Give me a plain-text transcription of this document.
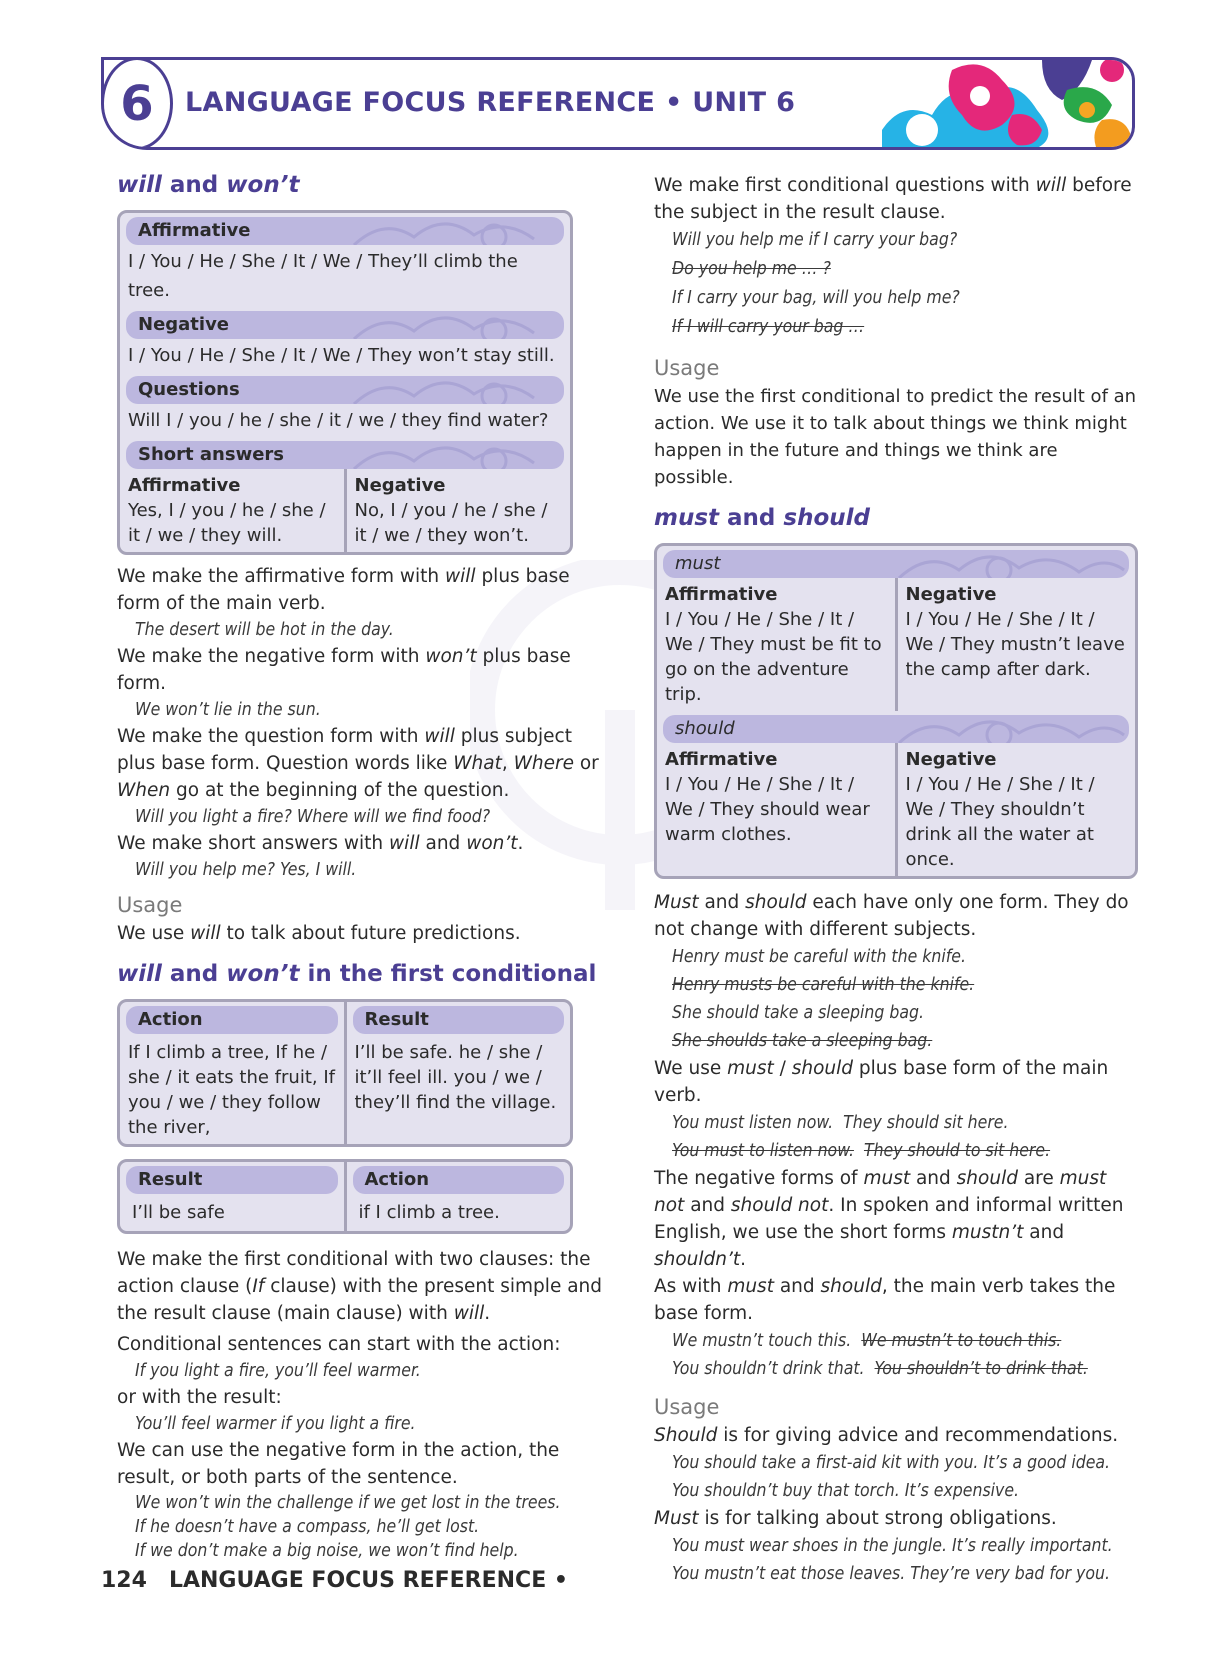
6	LANGUAGE FOCUS REFERENCE • UNIT 6
will and won’t
Affirmative
I / You / He / She / It / We / They’ll climb the tree.
Negative
I / You / He / She / It / We / They won’t stay still.
Questions
Will I / you / he / she / it / we / they find water?
Short answers
Affirmative
Yes, I / you / he / she / it / we / they will.
Negative
No, I / you / he / she / it / we / they won’t.
We make the affirmative form with will plus base form of the main verb.
The desert will be hot in the day.
We make the negative form with won’t plus base form.
We won’t lie in the sun.
We make the question form with will plus subject plus base form. Question words like What, Where or When go at the beginning of the question.
Will you light a fire? Where will we find food?
We make short answers with will and won’t.
Will you help me? Yes, I will.
Usage
We use will to talk about future predictions.
will and won’t in the first conditional
Action
If I climb a tree, If he / she / it eats the fruit, If you / we / they follow the river,
Result
I’ll be safe. he / she / it’ll feel ill. you / we / they’ll find the village.
Result
I’ll be safe
Action
if I climb a tree.
We make the first conditional with two clauses: the action clause (If clause) with the present simple and the result clause (main clause) with will.
Conditional sentences can start with the action:
If you light a fire, you’ll feel warmer.
or with the result:
You’ll feel warmer if you light a fire.
We can use the negative form in the action, the result, or both parts of the sentence.
We won’t win the challenge if we get lost in the trees.
If he doesn’t have a compass, he’ll get lost.
If we don’t make a big noise, we won’t find help.
We make first conditional questions with will before the subject in the result clause.
Will you help me if I carry your bag?
Do you help me … ?
If I carry your bag, will you help me?
If I will carry your bag …
Usage
We use the first conditional to predict the result of an action. We use it to talk about things we think might happen in the future and things we think are possible.
must and should
must
Affirmative
I / You / He / She / It / We / They must be fit to go on the adventure trip.
Negative
I / You / He / She / It / We / They mustn’t leave the camp after dark.
should
Affirmative
I / You / He / She / It / We / They should wear warm clothes.
Negative
I / You / He / She / It / We / They shouldn’t drink all the water at once.
Must and should each have only one form. They do not change with different subjects.
Henry must be careful with the knife.
Henry musts be careful with the knife.
She should take a sleeping bag.
She shoulds take a sleeping bag.
We use must / should plus base form of the main verb.
You must listen now. They should sit here.
You must to listen now. They should to sit here.
The negative forms of must and should are must not and should not. In spoken and informal written English, we use the short forms mustn’t and shouldn’t.
As with must and should, the main verb takes the base form.
We mustn’t touch this. We mustn’t to touch this.
You shouldn’t drink that. You shouldn’t to drink that.
Usage
Should is for giving advice and recommendations.
You should take a first-aid kit with you. It’s a good idea.
You shouldn’t buy that torch. It’s expensive.
Must is for talking about strong obligations.
You must wear shoes in the jungle. It’s really important.
You mustn’t eat those leaves. They’re very bad for you.
124 LANGUAGE FOCUS REFERENCE •
